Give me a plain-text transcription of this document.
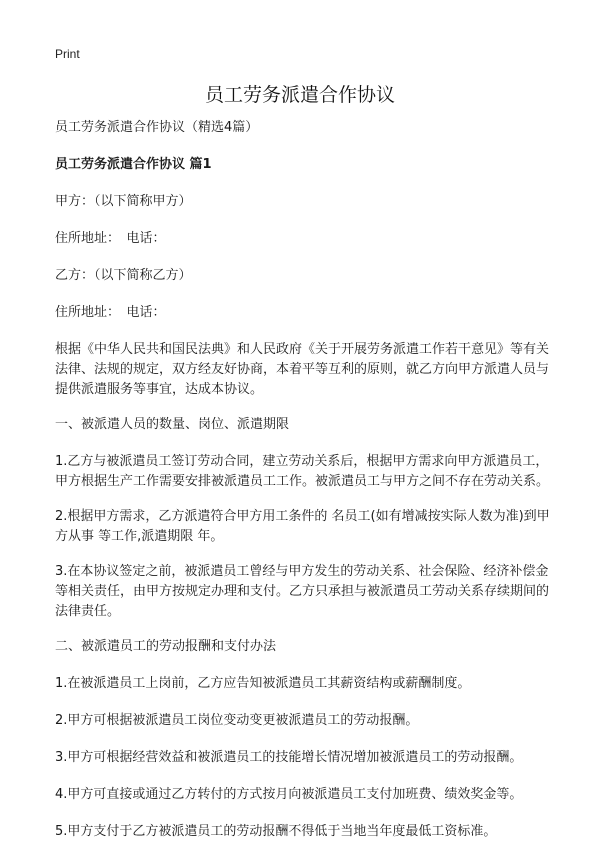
Print
员工劳务派遣合作协议

员工劳务派遣合作协议（精选4篇）

员工劳务派遣合作协议 篇1

甲方：（以下简称甲方）

住所地址：　电话：

乙方：（以下简称乙方）

住所地址：　电话：

根据《中华人民共和国民法典》和人民政府《关于开展劳务派遣工作若干意见》等有关法律、法规的规定，双方经友好协商，本着平等互利的原则，就乙方向甲方派遣人员与提供派遣服务等事宜，达成本协议。

一、被派遣人员的数量、岗位、派遣期限

1.乙方与被派遣员工签订劳动合同，建立劳动关系后，根据甲方需求向甲方派遣员工，甲方根据生产工作需要安排被派遣员工工作。被派遣员工与甲方之间不存在劳动关系。

2.根据甲方需求，乙方派遣符合甲方用工条件的 名员工(如有增减按实际人数为准)到甲方从事 等工作,派遣期限 年。

3.在本协议签定之前，被派遣员工曾经与甲方发生的劳动关系、社会保险、经济补偿金等相关责任，由甲方按规定办理和支付。乙方只承担与被派遣员工劳动关系存续期间的法律责任。

二、被派遣员工的劳动报酬和支付办法

1.在被派遣员工上岗前，乙方应告知被派遣员工其薪资结构或薪酬制度。

2.甲方可根据被派遣员工岗位变动变更被派遣员工的劳动报酬。

3.甲方可根据经营效益和被派遣员工的技能增长情况增加被派遣员工的劳动报酬。

4.甲方可直接或通过乙方转付的方式按月向被派遣员工支付加班费、绩效奖金等。

5.甲方支付于乙方被派遣员工的劳动报酬不得低于当地当年度最低工资标准。
